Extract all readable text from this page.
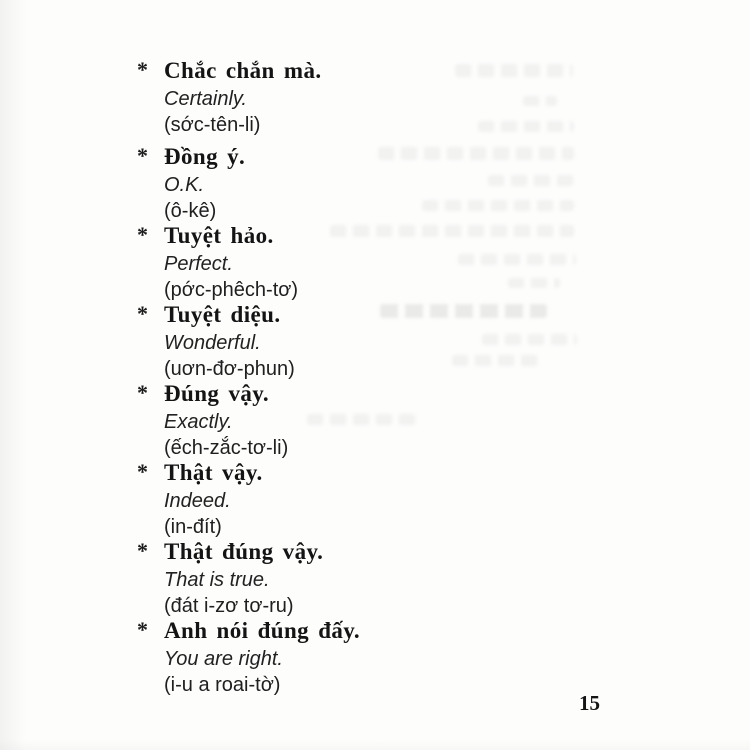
* Chắc chắn mà.
Certainly.
(sớc-tên-li)
* Đồng ý.
O.K.
(ô-kê)
* Tuyệt hảo.
Perfect.
(pớc-phêch-tơ)
* Tuyệt diệu.
Wonderful.
(uơn-đơ-phun)
* Đúng vậy.
Exactly.
(ếch-zắc-tơ-li)
* Thật vậy.
Indeed.
(in-đít)
* Thật đúng vậy.
That is true.
(đát i-zơ tơ-ru)
* Anh nói đúng đấy.
You are right.
(i-u a roai-tờ)
15
